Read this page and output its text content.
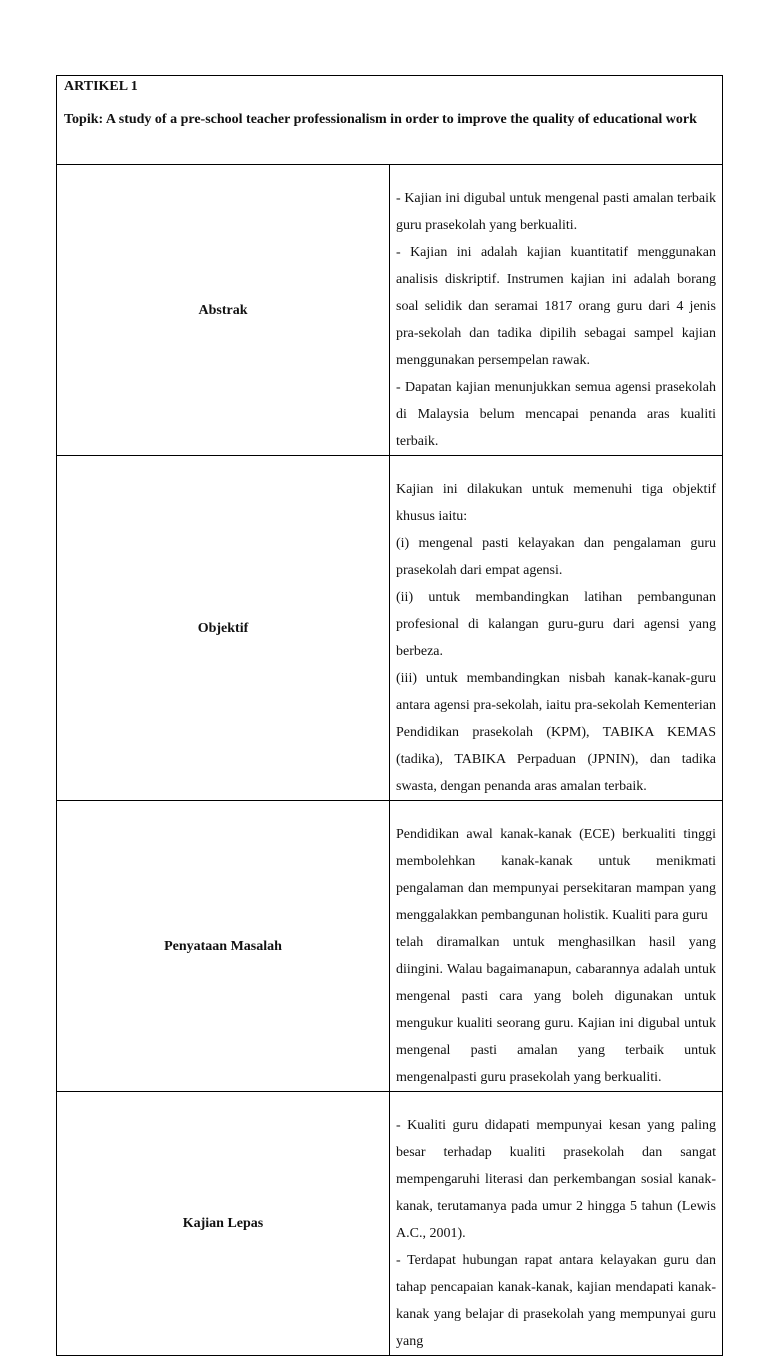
ARTIKEL 1

Topik: A study of a pre-school teacher professionalism in order to improve the quality of educational work	

Abstrak	- Kajian ini digubal untuk mengenal pasti amalan terbaik guru prasekolah yang berkualiti.

- Kajian ini adalah kajian kuantitatif menggunakan analisis diskriptif. Instrumen kajian ini adalah borang soal selidik dan seramai 1817 orang guru dari 4 jenis pra-sekolah dan tadika dipilih sebagai sampel kajian menggunakan persempelan rawak.

- Dapatan kajian menunjukkan semua agensi prasekolah di Malaysia belum mencapai penanda aras kualiti terbaik.

Objektif	Kajian ini dilakukan untuk memenuhi tiga objektif khusus iaitu:

(i) mengenal pasti kelayakan dan pengalaman guru prasekolah dari empat agensi.

(ii) untuk membandingkan latihan pembangunan profesional di kalangan guru-guru dari agensi yang berbeza.

(iii) untuk membandingkan nisbah kanak-kanak-guru antara agensi pra-sekolah, iaitu pra-sekolah Kementerian Pendidikan prasekolah (KPM), TABIKA KEMAS (tadika), TABIKA Perpaduan (JPNIN), dan tadika swasta, dengan penanda aras amalan terbaik.

Penyataan Masalah	Pendidikan awal kanak-kanak (ECE) berkualiti tinggi membolehkan kanak-kanak untuk menikmati pengalaman dan mempunyai persekitaran mampan yang menggalakkan pembangunan holistik. Kualiti para guru

telah diramalkan untuk menghasilkan hasil yang diingini. Walau bagaimanapun, cabarannya adalah untuk mengenal pasti cara yang boleh digunakan untuk mengukur kualiti seorang guru. Kajian ini digubal untuk mengenal pasti amalan yang terbaik untuk mengenalpasti guru prasekolah yang berkualiti.

Kajian Lepas	- Kualiti guru didapati mempunyai kesan yang paling besar terhadap kualiti prasekolah dan sangat mempengaruhi literasi dan perkembangan sosial kanak-kanak, terutamanya pada umur 2 hingga 5 tahun (Lewis A.C., 2001).

- Terdapat hubungan rapat antara kelayakan guru dan tahap pencapaian kanak-kanak, kajian mendapati kanak-kanak yang belajar di prasekolah yang mempunyai guru yang
